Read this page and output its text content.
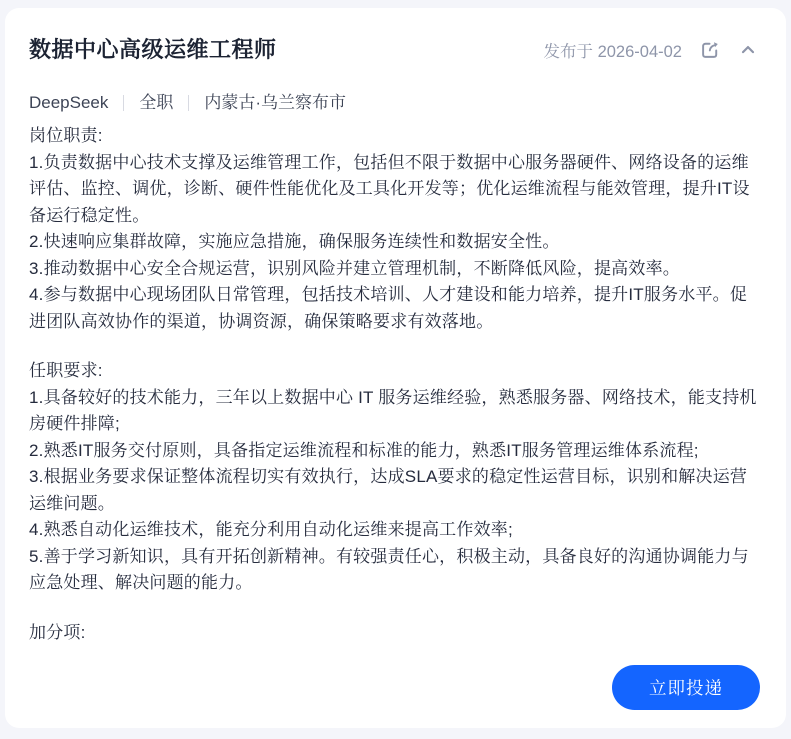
数据中心高级运维工程师	发布于 2026-04-02
DeepSeek 全职 内蒙古·乌兰察布市

岗位职责:

1.负责数据中心技术支撑及运维管理工作，包括但不限于数据中心服务器硬件、网络设备的运维评估、监控、调优，诊断、硬件性能优化及工具化开发等；优化运维流程与能效管理，提升IT设备运行稳定性。

2.快速响应集群故障，实施应急措施，确保服务连续性和数据安全性。

3.推动数据中心安全合规运营，识别风险并建立管理机制，不断降低风险，提高效率。

4.参与数据中心现场团队日常管理，包括技术培训、人才建设和能力培养，提升IT服务水平。促进团队高效协作的渠道，协调资源，确保策略要求有效落地。

任职要求:

1.具备较好的技术能力，三年以上数据中心 IT 服务运维经验，熟悉服务器、网络技术，能支持机房硬件排障;

2.熟悉IT服务交付原则，具备指定运维流程和标准的能力，熟悉IT服务管理运维体系流程;

3.根据业务要求保证整体流程切实有效执行，达成SLA要求的稳定性运营目标，识别和解决运营运维问题。

4.熟悉自动化运维技术，能充分利用自动化运维来提高工作效率;

5.善于学习新知识，具有开拓创新精神。有较强责任心，积极主动，具备良好的沟通协调能力与应急处理、解决问题的能力。

加分项:

立即投递
